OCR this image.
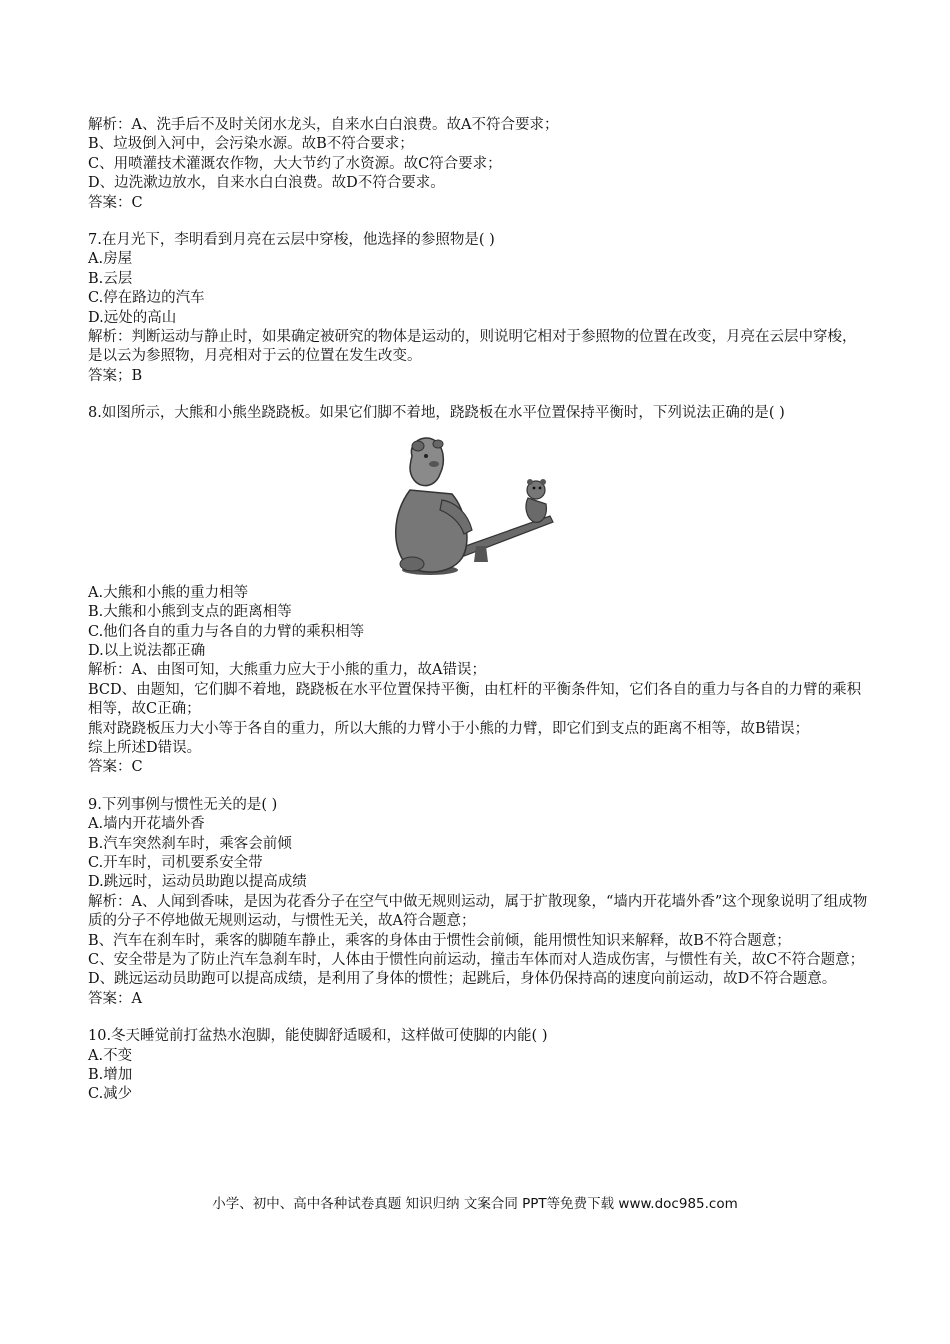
解析：A、洗手后不及时关闭水龙头，自来水白白浪费。故A不符合要求；
B、垃圾倒入河中，会污染水源。故B不符合要求；
C、用喷灌技术灌溉农作物，大大节约了水资源。故C符合要求；
D、边洗漱边放水，自来水白白浪费。故D不符合要求。
答案：C
7.在月光下，李明看到月亮在云层中穿梭，他选择的参照物是( )
A.房屋
B.云层
C.停在路边的汽车
D.远处的高山
解析：判断运动与静止时，如果确定被研究的物体是运动的，则说明它相对于参照物的位置在改变，月亮在云层中穿梭，是以云为参照物，月亮相对于云的位置在发生改变。
答案；B
8.如图所示，大熊和小熊坐跷跷板。如果它们脚不着地，跷跷板在水平位置保持平衡时，下列说法正确的是( )
A.大熊和小熊的重力相等
B.大熊和小熊到支点的距离相等
C.他们各自的重力与各自的力臂的乘积相等
D.以上说法都正确
解析：A、由图可知，大熊重力应大于小熊的重力，故A错误；
BCD、由题知，它们脚不着地，跷跷板在水平位置保持平衡，由杠杆的平衡条件知，它们各自的重力与各自的力臂的乘积相等，故C正确；
熊对跷跷板压力大小等于各自的重力，所以大熊的力臂小于小熊的力臂，即它们到支点的距离不相等，故B错误；
综上所述D错误。
答案：C
9.下列事例与惯性无关的是( )
A.墙内开花墙外香
B.汽车突然刹车时，乘客会前倾
C.开车时，司机要系安全带
D.跳远时，运动员助跑以提高成绩
解析：A、人闻到香味，是因为花香分子在空气中做无规则运动，属于扩散现象，“墙内开花墙外香”这个现象说明了组成物质的分子不停地做无规则运动，与惯性无关，故A符合题意；
B、汽车在刹车时，乘客的脚随车静止，乘客的身体由于惯性会前倾，能用惯性知识来解释，故B不符合题意；
C、安全带是为了防止汽车急刹车时，人体由于惯性向前运动，撞击车体而对人造成伤害，与惯性有关，故C不符合题意；
D、跳远运动员助跑可以提高成绩，是利用了身体的惯性；起跳后，身体仍保持高的速度向前运动，故D不符合题意。
答案：A
10.冬天睡觉前打盆热水泡脚，能使脚舒适暖和，这样做可使脚的内能( )
A.不变
B.增加
C.减少
小学、初中、高中各种试卷真题 知识归纳 文案合同 PPT等免费下载 www.doc985.com
